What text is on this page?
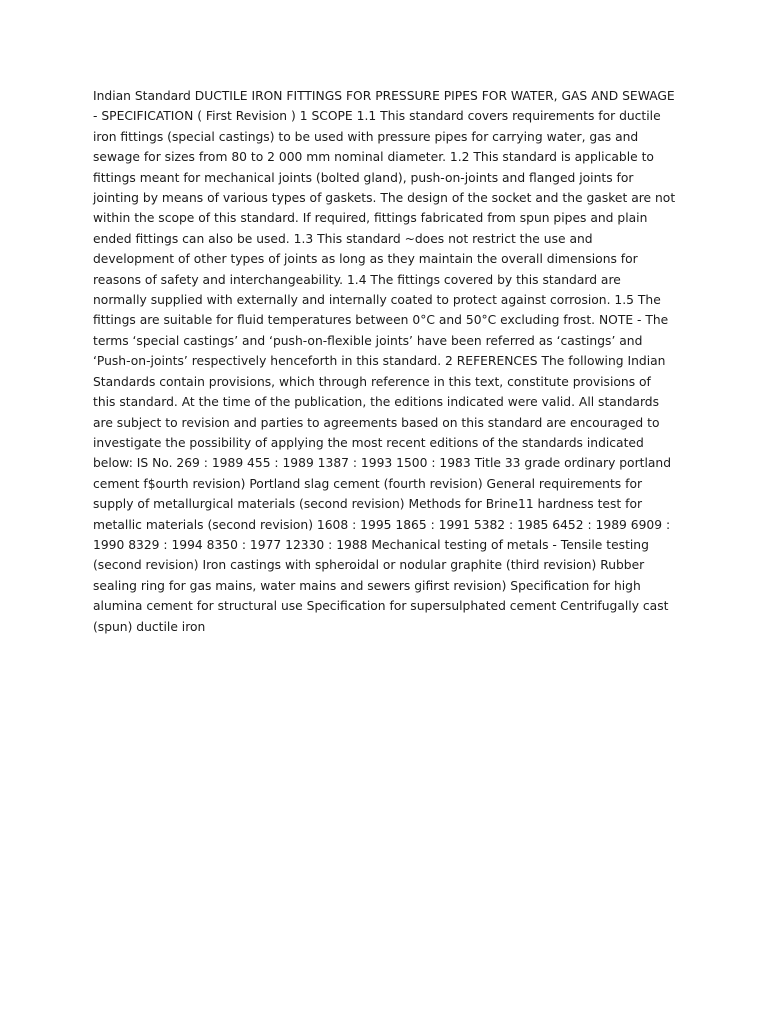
Indian Standard DUCTILE IRON FITTINGS FOR PRESSURE PIPES FOR WATER, GAS AND SEWAGE - SPECIFICATION ( First Revision ) 1 SCOPE 1.1 This standard covers requirements for ductile iron fittings (special castings) to be used with pressure pipes for carrying water, gas and sewage for sizes from 80 to 2 000 mm nominal diameter. 1.2 This standard is applicable to fittings meant for mechanical joints (bolted gland), push-on-joints and flanged joints for jointing by means of various types of gaskets. The design of the socket and the gasket are not within the scope of this standard. If required, fittings fabricated from spun pipes and plain ended fittings can also be used. 1.3 This standard ~does not restrict the use and development of other types of joints as long as they maintain the overall dimensions for reasons of safety and interchangeability. 1.4 The fittings covered by this standard are normally supplied with externally and internally coated to protect against corrosion. 1.5 The fittings are suitable for fluid temperatures between 0°C and 50°C excluding frost. NOTE - The terms ‘special castings’ and ‘push-on-flexible joints’ have been referred as ‘castings’ and ‘Push-on-joints’ respectively henceforth in this standard. 2 REFERENCES The following Indian Standards contain provisions, which through reference in this text, constitute provisions of this standard. At the time of the publication, the editions indicated were valid. All standards are subject to revision and parties to agreements based on this standard are encouraged to investigate the possibility of applying the most recent editions of the standards indicated below: IS No. 269 : 1989 455 : 1989 1387 : 1993 1500 : 1983 Title 33 grade ordinary portland cement f$ourth revision) Portland slag cement (fourth revision) General requirements for supply of metallurgical materials (second revision) Methods for Brine11 hardness test for metallic materials (second revision) 1608 : 1995 1865 : 1991 5382 : 1985 6452 : 1989 6909 : 1990 8329 : 1994 8350 : 1977 12330 : 1988 Mechanical testing of metals - Tensile testing (second revision) Iron castings with spheroidal or nodular graphite (third revision) Rubber sealing ring for gas mains, water mains and sewers gifirst revision) Specification for high alumina cement for structural use Specification for supersulphated cement Centrifugally cast (spun) ductile iron
